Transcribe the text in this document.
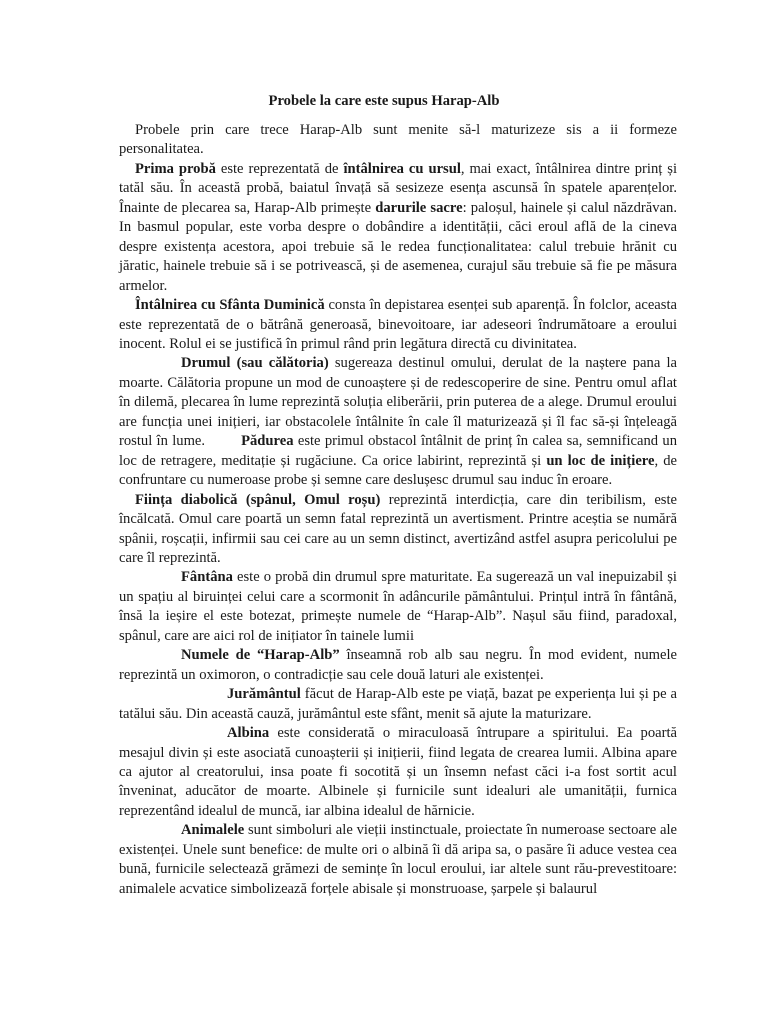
Probele la care este supus Harap-Alb

Probele prin care trece Harap-Alb sunt menite să-l maturizeze sis a ii formeze personalitatea.

Prima probă este reprezentată de întâlnirea cu ursul, mai exact, întâlnirea dintre prinț și tatăl său. În această probă, baiatul învață să sesizeze esența ascunsă în spatele aparențelor. Înainte de plecarea sa, Harap-Alb primește darurile sacre: paloșul, hainele și calul năzdrăvan. In basmul popular, este vorba despre o dobândire a identității, căci eroul află de la cineva despre existența acestora, apoi trebuie să le redea funcționalitatea: calul trebuie hrănit cu jăratic, hainele trebuie să i se potrivească, și de asemenea, curajul său trebuie să fie pe măsura armelor.

Întâlnirea cu Sfânta Duminică consta în depistarea esenței sub aparență. În folclor, aceasta este reprezentată de o bătrână generoasă, binevoitoare, iar adeseori îndrumătoare a eroului inocent. Rolul ei se justifică în primul rând prin legătura directă cu divinitatea.

Drumul (sau călătoria) sugereaza destinul omului, derulat de la naștere pana la moarte. Călătoria propune un mod de cunoaștere și de redescoperire de sine. Pentru omul aflat în dilemă, plecarea în lume reprezintă soluția eliberării, prin puterea de a alege. Drumul eroului are funcția unei inițieri, iar obstacolele întâlnite în cale îl maturizează și îl fac să-și înțeleagă rostul în lume. Pădurea este primul obstacol întâlnit de prinț în calea sa, semnificand un loc de retragere, meditație și rugăciune. Ca orice labirint, reprezintă și un loc de inițiere, de confruntare cu numeroase probe și semne care deslușesc drumul sau induc în eroare.

Ființa diabolică (spânul, Omul roșu) reprezintă interdicția, care din teribilism, este încălcată. Omul care poartă un semn fatal reprezintă un avertisment. Printre aceștia se numără spânii, roșcații, infirmii sau cei care au un semn distinct, avertizând astfel asupra pericolului pe care îl reprezintă.

Fântâna este o probă din drumul spre maturitate. Ea sugerează un val inepuizabil și un spațiu al biruinței celui care a scormonit în adâncurile pământului. Prințul intră în fântână, însă la ieșire el este botezat, primește numele de “Harap-Alb”. Nașul său fiind, paradoxal, spânul, care are aici rol de inițiator în tainele lumii

Numele de “Harap-Alb” înseamnă rob alb sau negru. În mod evident, numele reprezintă un oximoron, o contradicție sau cele două laturi ale existenței.

Jurământul făcut de Harap-Alb este pe viață, bazat pe experiența lui și pe a tatălui său. Din această cauză, jurământul este sfânt, menit să ajute la maturizare.

Albina este considerată o miraculoasă întrupare a spiritului. Ea poartă mesajul divin și este asociată cunoașterii și inițierii, fiind legata de crearea lumii. Albina apare ca ajutor al creatorului, insa poate fi socotită și un însemn nefast căci i-a fost sortit acul înveninat, aducător de moarte. Albinele și furnicile sunt idealuri ale umanității, furnica reprezentând idealul de muncă, iar albina idealul de hărnicie.

Animalele sunt simboluri ale vieții instinctuale, proiectate în numeroase sectoare ale existenței. Unele sunt benefice: de multe ori o albină îi dă aripa sa, o pasăre îi aduce vestea cea bună, furnicile selectează grămezi de semințe în locul eroului, iar altele sunt rău-prevestitoare: animalele acvatice simbolizează forțele abisale și monstruoase, șarpele și balaurul
